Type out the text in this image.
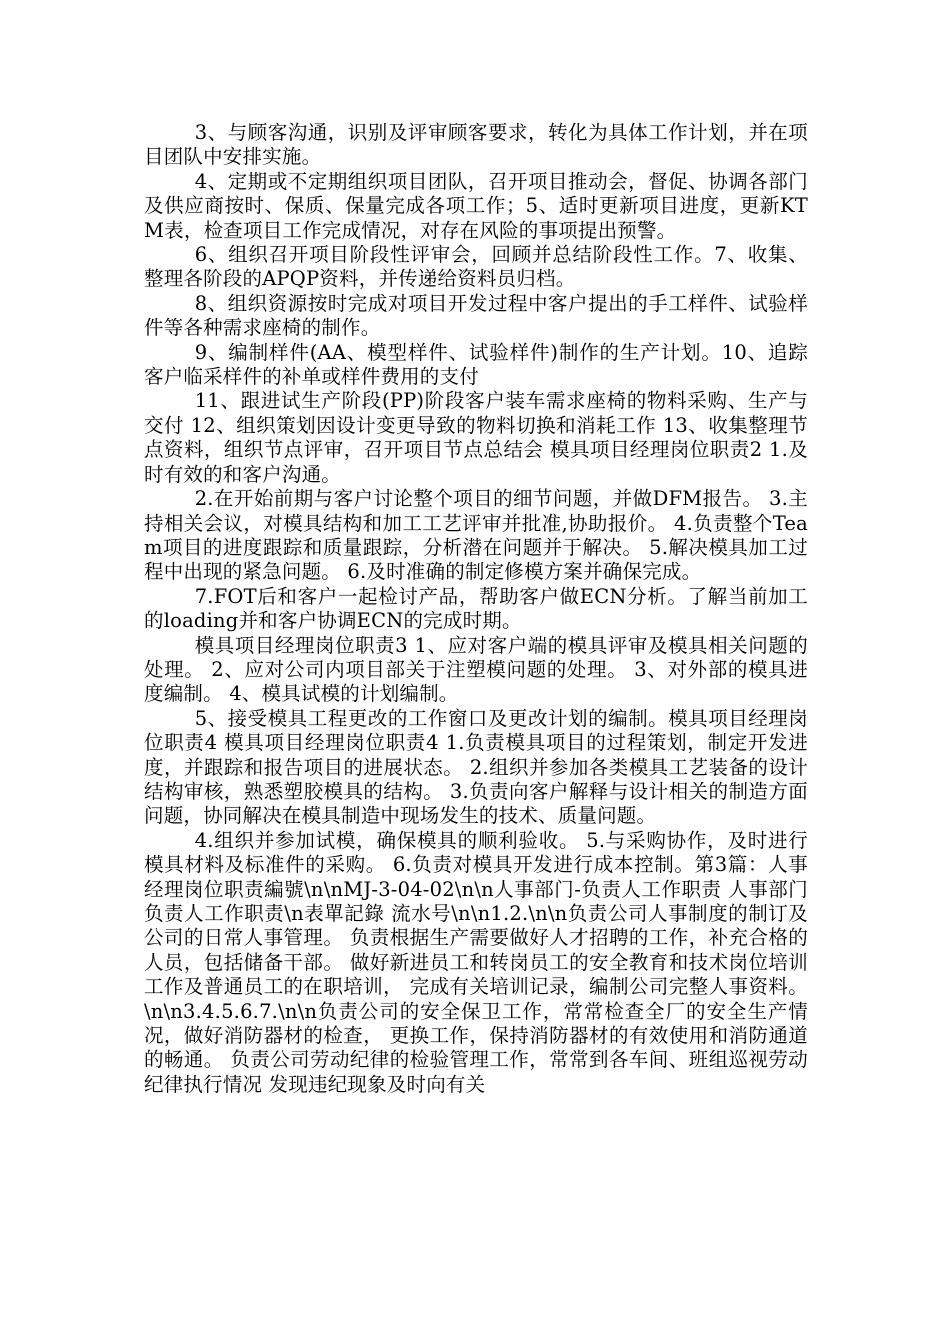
3、与顾客沟通，识别及评审顾客要求，转化为具体工作计划，并在项目团队中安排实施。

4、定期或不定期组织项目团队，召开项目推动会，督促、协调各部门及供应商按时、保质、保量完成各项工作；5、适时更新项目进度，更新KTM表，检查项目工作完成情况，对存在风险的事项提出预警。

6、组织召开项目阶段性评审会，回顾并总结阶段性工作。7、收集、整理各阶段的APQP资料，并传递给资料员归档。

8、组织资源按时完成对项目开发过程中客户提出的手工样件、试验样件等各种需求座椅的制作。

9、编制样件(AA、模型样件、试验样件)制作的生产计划。10、追踪客户临采样件的补单或样件费用的支付

11、跟进试生产阶段(PP)阶段客户装车需求座椅的物料采购、生产与交付 12、组织策划因设计变更导致的物料切换和消耗工作 13、收集整理节点资料，组织节点评审，召开项目节点总结会 模具项目经理岗位职责2 1.及时有效的和客户沟通。

2.在开始前期与客户讨论整个项目的细节问题，并做DFM报告。 3.主持相关会议，对模具结构和加工工艺评审并批准,协助报价。 4.负责整个Team项目的进度跟踪和质量跟踪，分析潜在问题并于解决。 5.解决模具加工过程中出现的紧急问题。 6.及时准确的制定修模方案并确保完成。

7.FOT后和客户一起检讨产品，帮助客户做ECN分析。了解当前加工的loading并和客户协调ECN的完成时期。

模具项目经理岗位职责3 1、应对客户端的模具评审及模具相关问题的处理。 2、应对公司内项目部关于注塑模问题的处理。 3、对外部的模具进度编制。 4、模具试模的计划编制。

5、接受模具工程更改的工作窗口及更改计划的编制。模具项目经理岗位职责4 模具项目经理岗位职责4 1.负责模具项目的过程策划，制定开发进度，并跟踪和报告项目的进展状态。 2.组织并参加各类模具工艺装备的设计结构审核，熟悉塑胶模具的结构。 3.负责向客户解释与设计相关的制造方面问题，协同解决在模具制造中现场发生的技术、质量问题。

4.组织并参加试模，确保模具的顺利验收。 5.与采购协作，及时进行模具材料及标准件的采购。 6.负责对模具开发进行成本控制。第3篇：人事经理岗位职责編號\n\nMJ-3-04-02\n\n人事部门-负责人工作职责 人事部门 负责人工作职责\n表單記錄 流水号\n\n1.2.\n\n负责公司人事制度的制订及公司的日常人事管理。 负责根据生产需要做好人才招聘的工作，补充合格的人员，包括储备干部。 做好新进员工和转岗员工的安全教育和技术岗位培训工作及普通员工的在职培训， 完成有关培训记录，编制公司完整人事资料。\n\n3.4.5.6.7.\n\n负责公司的安全保卫工作，常常检查全厂的安全生产情况，做好消防器材的检查， 更换工作，保持消防器材的有效使用和消防通道的畅通。 负责公司劳动纪律的检验管理工作，常常到各车间、班组巡视劳动纪律执行情况 发现违纪现象及时向有关
